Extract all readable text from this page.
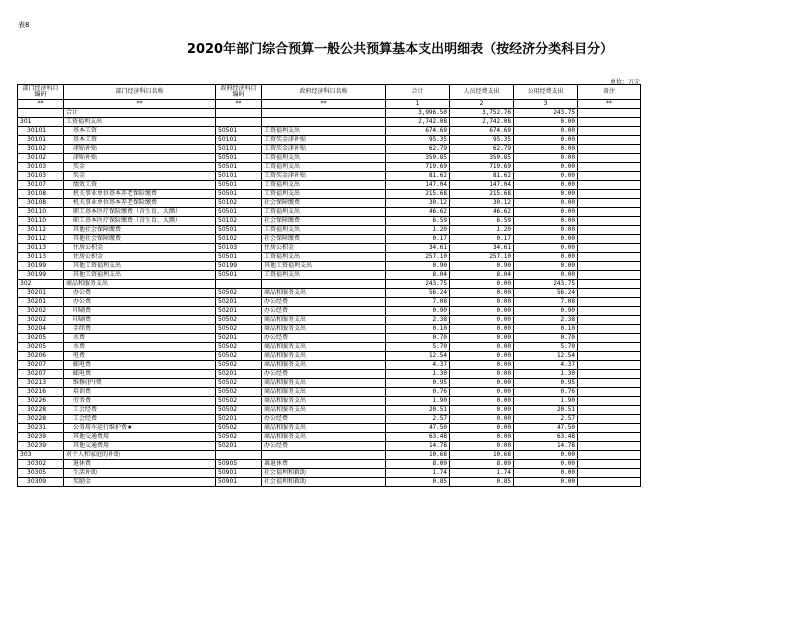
表8
2020年部门综合预算一般公共预算基本支出明细表（按经济分类科目分）
单位：万元
部门经济科目编码	部门经济科目名称	政府经济科目编码	政府经济科目名称	合计	人员经费支出	公用经费支出	备注
**	**	**	**	1	2	3	**
	合计			3,996.50	3,752.76	243.75	
301	工资福利支出			2,742.08	2,742.08	0.00	
30101	基本工资	50501	工资福利支出	674.69	674.69	0.00	
30101	基本工资	50101	工资奖金津补贴	95.35	95.35	0.00	
30102	津贴补贴	50101	工资奖金津补贴	62.79	62.79	0.00	
30102	津贴补贴	50501	工资福利支出	359.85	359.85	0.00	
30103	奖金	50501	工资福利支出	719.69	719.69	0.00	
30103	奖金	50101	工资奖金津补贴	81.62	81.62	0.00	
30107	绩效工资	50501	工资福利支出	147.04	147.04	0.00	
30108	机关事业单位基本养老保险缴费	50501	工资福利支出	215.68	215.68	0.00	
30108	机关事业单位基本养老保险缴费	50102	社会保障缴费	30.12	30.12	0.00	
30110	职工基本医疗保险缴费（含生育、大额）	50501	工资福利支出	46.62	46.62	0.00	
30110	职工基本医疗保险缴费（含生育、大额）	50102	社会保障缴费	6.59	6.59	0.00	
30112	其他社会保障缴费	50501	工资福利支出	1.20	1.20	0.00	
30112	其他社会保障缴费	50102	社会保障缴费	0.17	0.17	0.00	
30113	住房公积金	50103	住房公积金	34.61	34.61	0.00	
30113	住房公积金	50501	工资福利支出	257.10	257.10	0.00	
30199	其他工资福利支出	50199	其他工资福利支出	0.90	0.90	0.00	
30199	其他工资福利支出	50501	工资福利支出	8.04	8.04	0.00	
302	商品和服务支出			243.75	0.00	243.75	
30201	办公费	50502	商品和服务支出	56.24	0.00	56.24	
30201	办公费	50201	办公经费	7.08	0.00	7.08	
30202	印刷费	50201	办公经费	0.90	0.00	0.90	
30202	印刷费	50502	商品和服务支出	2.38	0.00	2.38	
30204	手续费	50502	商品和服务支出	0.10	0.00	0.10	
30205	水费	50201	办公经费	0.70	0.00	0.70	
30205	水费	50502	商品和服务支出	5.70	0.00	5.70	
30206	电费	50502	商品和服务支出	12.54	0.00	12.54	
30207	邮电费	50502	商品和服务支出	4.37	0.00	4.37	
30207	邮电费	50201	办公经费	1.30	0.00	1.30	
30213	维修(护)费	50502	商品和服务支出	0.95	0.00	0.95	
30216	培训费	50502	商品和服务支出	0.76	0.00	0.76	
30226	劳务费	50502	商品和服务支出	1.90	0.00	1.90	
30228	工会经费	50502	商品和服务支出	20.51	0.00	20.51	
30228	工会经费	50201	办公经费	2.57	0.00	2.57	
30231	公务用车运行维护费★	50502	商品和服务支出	47.50	0.00	47.50	
30239	其他交通费用	50502	商品和服务支出	63.48	0.00	63.48	
30239	其他交通费用	50201	办公经费	14.78	0.00	14.78	
303	对个人和家庭的补助			10.68	10.68	0.00	
30302	退休费	50905	离退休费	8.09	8.09	0.00	
30305	生活补助	50901	社会福利和救助	1.74	1.74	0.00	
30309	奖励金	50901	社会福利和救助	0.85	0.85	0.00	
